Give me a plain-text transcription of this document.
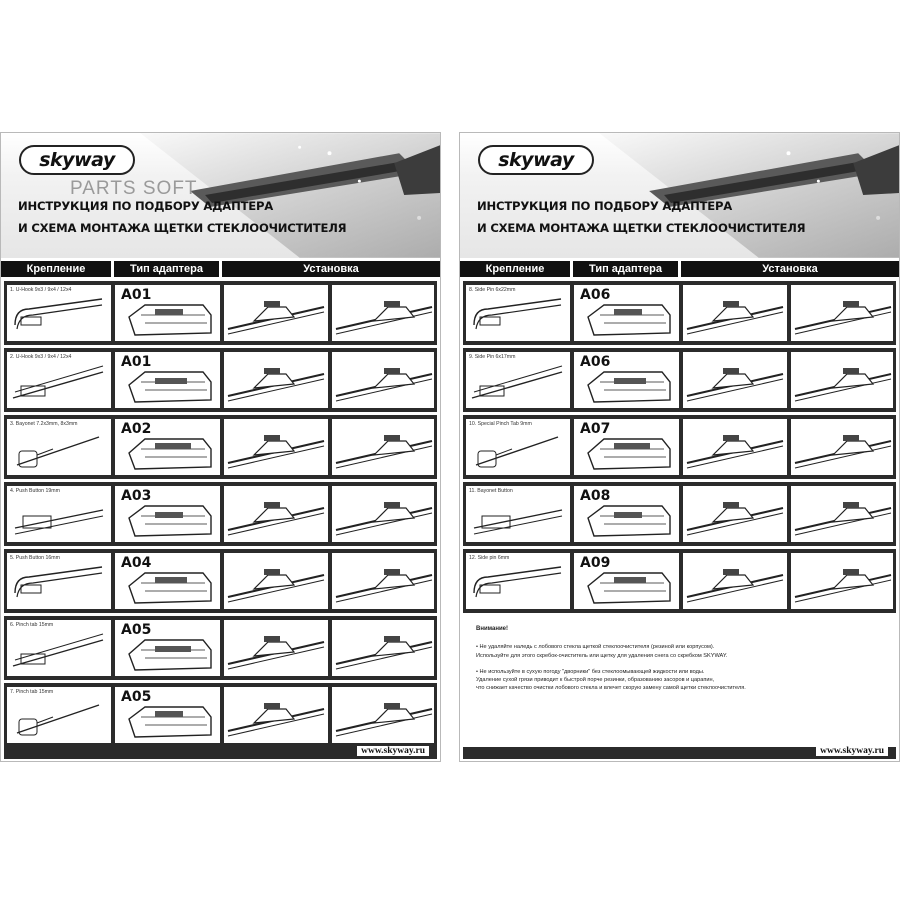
skyway
ИНСТРУКЦИЯ ПО ПОДБОРУ АДАПТЕРА
И СХЕМА МОНТАЖА ЩЕТКИ СТЕКЛООЧИСТИТЕЛЯ
Крепление	Тип адаптера	Установка
1. U-Hook 9x3 / 9x4 / 12x4	A01
2. U-Hook 9x3 / 9x4 / 12x4	A01
3. Bayonet 7.2x3mm, 8x3mm	A02
4. Push Button 19mm	A03
5. Push Button 16mm	A04
6. Pinch tab 15mm	A05
7. Pinch tab 15mm	A05
www.skyway.ru
skyway
ИНСТРУКЦИЯ ПО ПОДБОРУ АДАПТЕРА
И СХЕМА МОНТАЖА ЩЕТКИ СТЕКЛООЧИСТИТЕЛЯ
Крепление	Тип адаптера	Установка
8. Side Pin 6x22mm	A06
9. Side Pin 6x17mm	A06
10. Special Pinch Tab 9mm	A07
11. Bayonet Button	A08
12. Side pin 6mm	A09
Внимание!

• Не удаляйте наледь с лобового стекла щеткой стеклоочистителя (резиной или корпусом).

Используйте для этого скребок-очиститель или щетку для удаления снега со скребком SKYWAY.

• Не используйте в сухую погоду "дворники" без стеклоомывающей жидкости или воды.

Удаление сухой грязи приводит к быстрой порче резинки, образованию засоров и царапин,

что снижает качество очистки лобового стекла и влечет скорую замену самой щетки стеклоочистителя.

www.skyway.ru
PARTS SOFT
